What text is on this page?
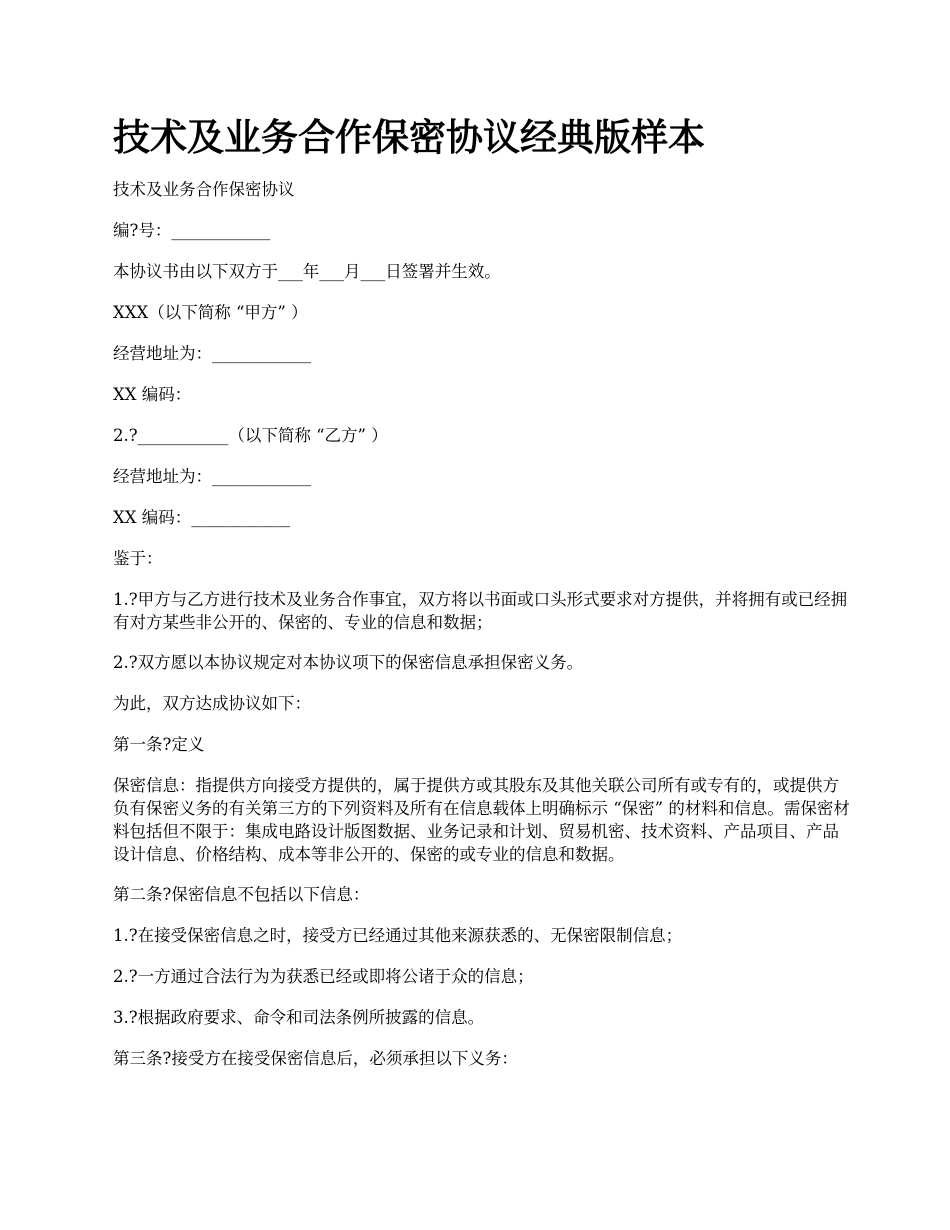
技术及业务合作保密协议经典版样本

技术及业务合作保密协议

编?号：____________

本协议书由以下双方于___年___月___日签署并生效。

XXX（以下简称 “甲方” ）

经营地址为：____________

XX 编码：

2.?___________（以下简称 “乙方” ）

经营地址为：____________

XX 编码：____________

鉴于：

1.?甲方与乙方进行技术及业务合作事宜，双方将以书面或口头形式要求对方提供，并将拥有或已经拥有对方某些非公开的、保密的、专业的信息和数据；

2.?双方愿以本协议规定对本协议项下的保密信息承担保密义务。

为此，双方达成协议如下：

第一条?定义

保密信息：指提供方向接受方提供的，属于提供方或其股东及其他关联公司所有或专有的，或提供方负有保密义务的有关第三方的下列资料及所有在信息载体上明确标示 “保密” 的材料和信息。需保密材料包括但不限于：集成电路设计版图数据、业务记录和计划、贸易机密、技术资料、产品项目、产品设计信息、价格结构、成本等非公开的、保密的或专业的信息和数据。

第二条?保密信息不包括以下信息：

1.?在接受保密信息之时，接受方已经通过其他来源获悉的、无保密限制信息；

2.?一方通过合法行为为获悉已经或即将公诸于众的信息；

3.?根据政府要求、命令和司法条例所披露的信息。

第三条?接受方在接受保密信息后，必须承担以下义务：
